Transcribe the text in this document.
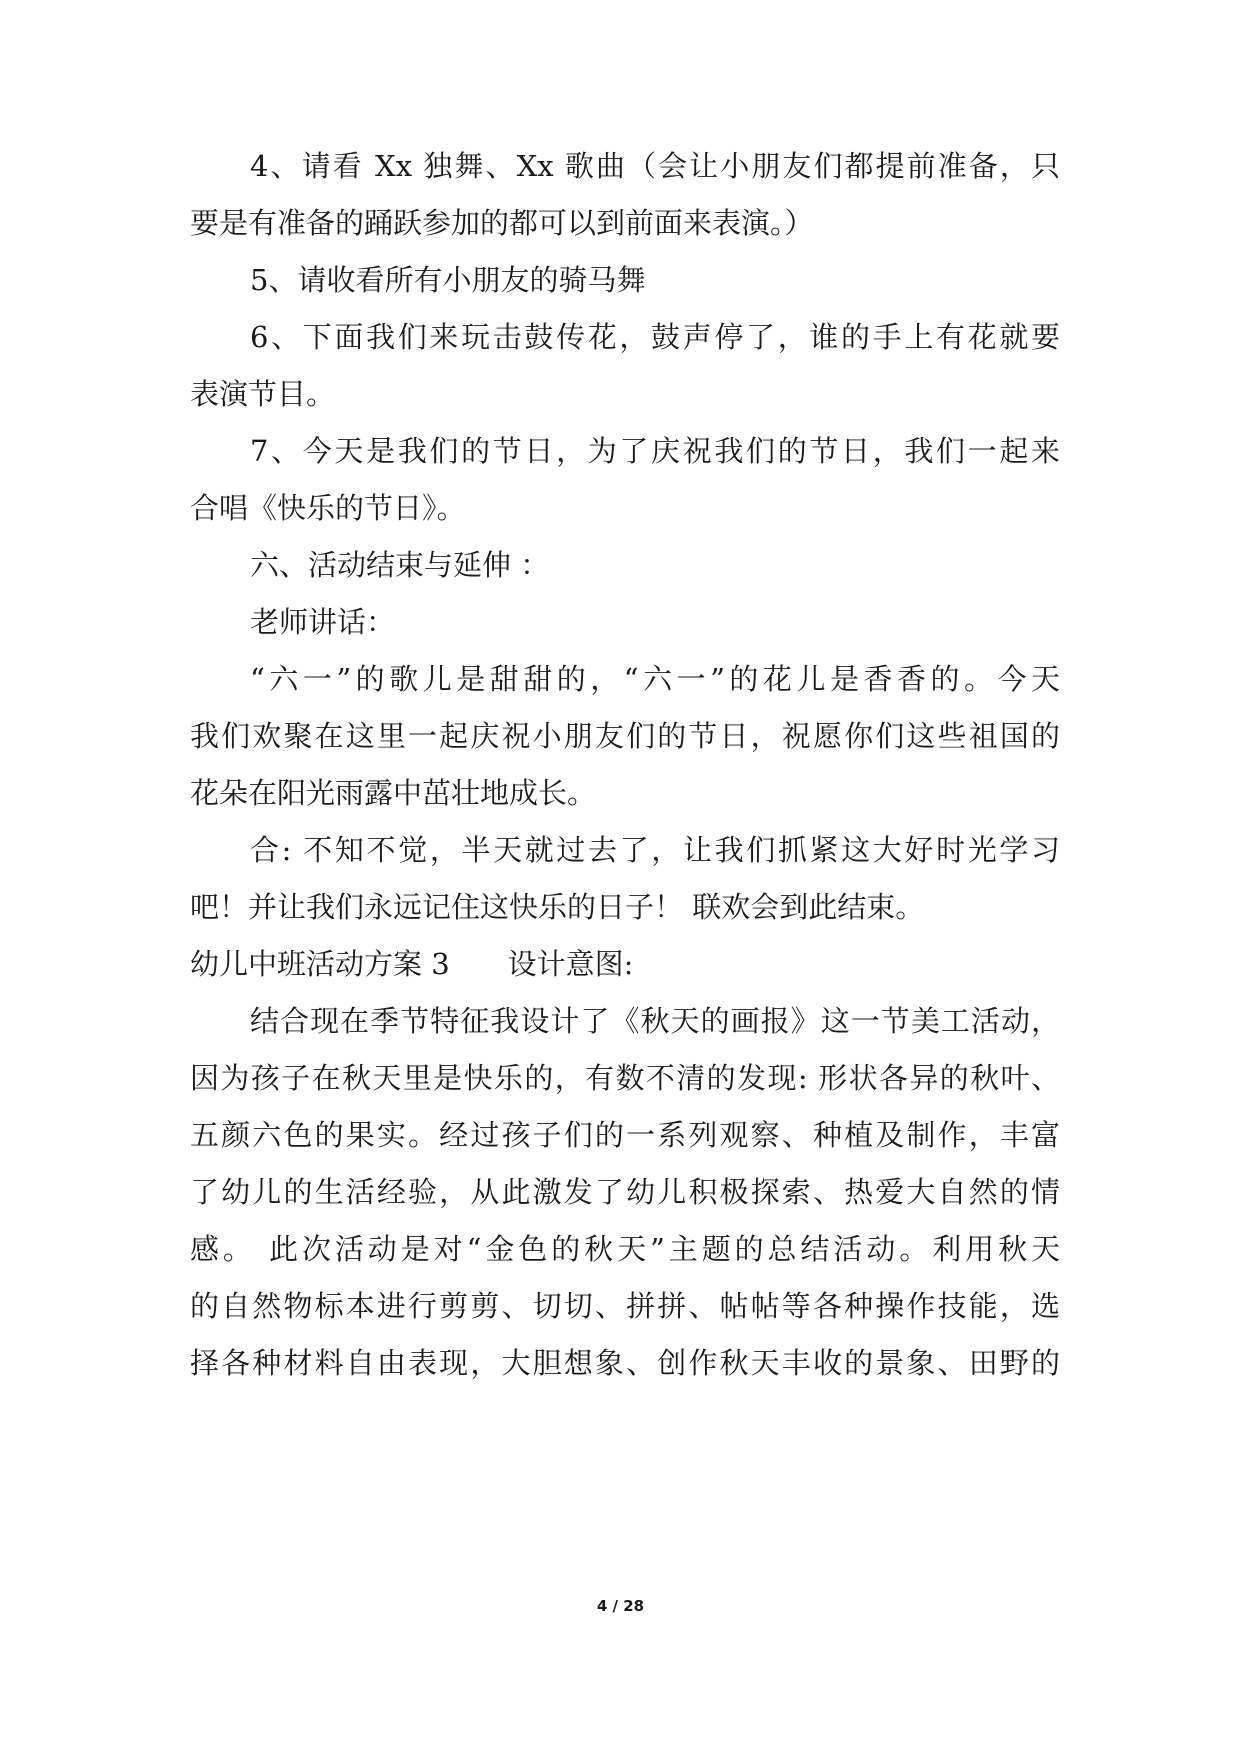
4、请看 Xx 独舞、Xx 歌曲（会让小朋友们都提前准备，只
要是有准备的踊跃参加的都可以到前面来表演。）
5、请收看所有小朋友的骑马舞
6、下面我们来玩击鼓传花，鼓声停了，谁的手上有花就要
表演节目。
7、今天是我们的节日，为了庆祝我们的节日，我们一起来
合唱《快乐的节日》。
六、活动结束与延伸 ：
老师讲话：
“六一”的歌儿是甜甜的，“六一”的花儿是香香的。今天
我们欢聚在这里一起庆祝小朋友们的节日，祝愿你们这些祖国的
花朵在阳光雨露中茁壮地成长。
合: 不知不觉，半天就过去了，让我们抓紧这大好时光学习
吧！并让我们永远记住这快乐的日子！ 联欢会到此结束。
幼儿中班活动方案 3　　设计意图:
结合现在季节特征我设计了《秋天的画报》这一节美工活动，
因为孩子在秋天里是快乐的，有数不清的发现: 形状各异的秋叶、
五颜六色的果实。经过孩子们的一系列观察、种植及制作，丰富
了幼儿的生活经验，从此激发了幼儿积极探索、热爱大自然的情
感。 此次活动是对“金色的秋天”主题的总结活动。利用秋天
的自然物标本进行剪剪、切切、拼拼、帖帖等各种操作技能，选
择各种材料自由表现，大胆想象、创作秋天丰收的景象、田野的
4 / 28
